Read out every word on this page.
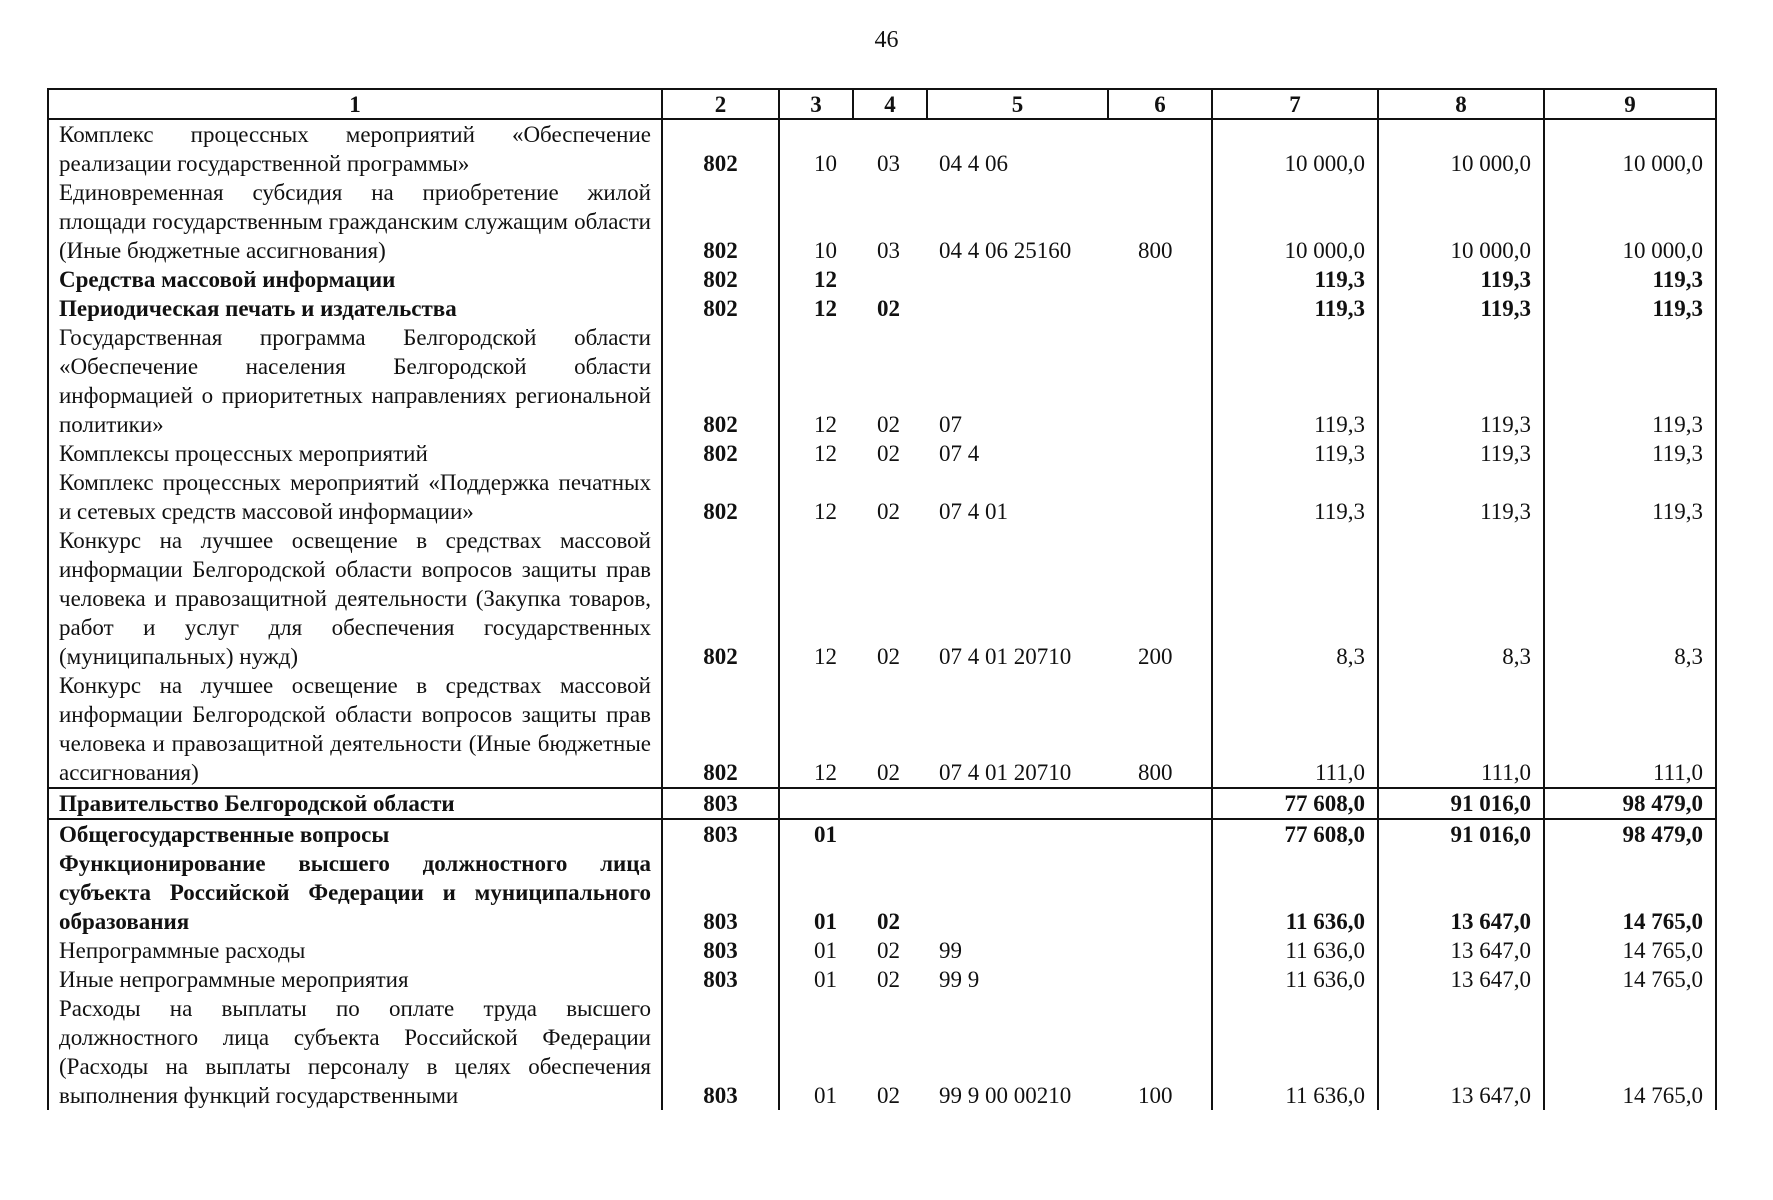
46
1	2	3	4	5	6	7	8	9
Комплекс процессных мероприятий «Обеспечение реализации государственной программы»	802	10	03	04 4 06		10 000,0	10 000,0	10 000,0
Единовременная субсидия на приобретение жилой площади государственным гражданским служащим области (Иные бюджетные ассигнования)	802	10	03	04 4 06 25160	800	10 000,0	10 000,0	10 000,0
Средства массовой информации	802	12				119,3	119,3	119,3
Периодическая печать и издательства	802	12	02			119,3	119,3	119,3
Государственная программа Белгородской области «Обеспечение населения Белгородской области информацией о приоритетных направлениях региональной политики»	802	12	02	07		119,3	119,3	119,3
Комплексы процессных мероприятий	802	12	02	07 4		119,3	119,3	119,3
Комплекс процессных мероприятий «Поддержка печатных и сетевых средств массовой информации»	802	12	02	07 4 01		119,3	119,3	119,3
Конкурс на лучшее освещение в средствах массовой информации Белгородской области вопросов защиты прав человека и правозащитной деятельности (Закупка товаров, работ и услуг для обеспечения государственных (муниципальных) нужд)	802	12	02	07 4 01 20710	200	8,3	8,3	8,3
Конкурс на лучшее освещение в средствах массовой информации Белгородской области вопросов защиты прав человека и правозащитной деятельности (Иные бюджетные ассигнования)	802	12	02	07 4 01 20710	800	111,0	111,0	111,0
Правительство Белгородской области	803					77 608,0	91 016,0	98 479,0
Общегосударственные вопросы	803	01				77 608,0	91 016,0	98 479,0
Функционирование высшего должностного лица субъекта Российской Федерации и муниципального образования	803	01	02			11 636,0	13 647,0	14 765,0
Непрограммные расходы	803	01	02	99		11 636,0	13 647,0	14 765,0
Иные непрограммные мероприятия	803	01	02	99 9		11 636,0	13 647,0	14 765,0
Расходы на выплаты по оплате труда высшего должностного лица субъекта Российской Федерации (Расходы на выплаты персоналу в целях обеспечения выполнения функций государственными	803	01	02	99 9 00 00210	100	11 636,0	13 647,0	14 765,0
